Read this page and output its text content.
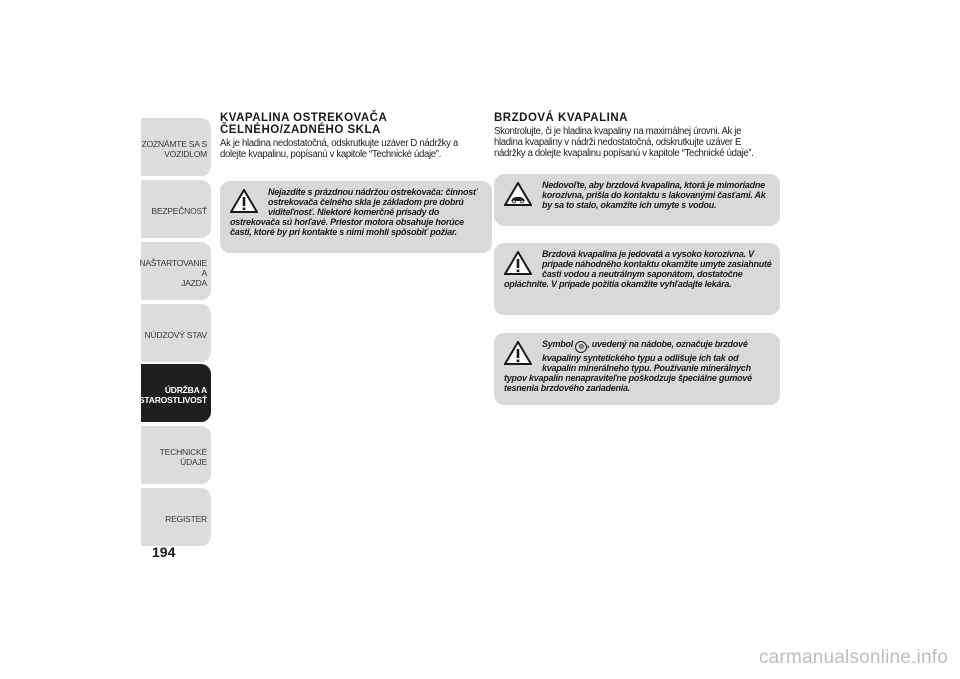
ZOZNÁMTE SA S
VOZIDLOM
BEZPEČNOSŤ
NAŠTARTOVANIE A
JAZDA
NÚDZOVÝ STAV
ÚDRŽBA A
STAROSTLIVOSŤ
TECHNICKÉ ÚDAJE
REGISTER
194
KVAPALINA OSTREKOVAČA
ČELNÉHO/ZADNÉHO SKLA

Ak je hladina nedostatočná, odskrutkujte uzáver D nádržky a dolejte kvapalinu, popísanú v kapitole “Technické údaje”.

Nejazdite s prázdnou nádržou ostrekovača: činnosť ostrekovača čelného skla je základom pre dobrú viditeľnosť. Niektoré komerčné prísady do ostrekovača sú horľavé. Priestor motora obsahuje horúce časti, ktoré by pri kontakte s nimi mohli spôsobiť požiar.
BRZDOVÁ KVAPALINA

Skontrolujte, či je hladina kvapaliny na maximálnej úrovni. Ak je hladina kvapaliny v nádrži nedostatočná, odskrutkujte uzáver E nádržky a dolejte kvapalinu popísanú v kapitole “Technické údaje”.

Nedovoľte, aby brzdová kvapalina, ktorá je mimoriadne korozívna, prišla do kontaktu s lakovanými časťami. Ak by sa to stalo, okamžite ich umyte s vodou.
Brzdová kvapalina je jedovatá a vysoko korozívna. V prípade náhodného kontaktu okamžite umyte zasiahnuté časti vodou a neutrálnym saponátom, dostatočne opláchnite. V prípade požitia okamžite vyhľadajte lekára.
Symbol ◎ , uvedený na nádobe, označuje brzdové kvapaliny syntetického typu a odlišuje ich tak od kvapalín minerálneho typu. Používanie minerálnych typov kvapalín nenapraviteľne poškodzuje špeciálne gumové tesnenia brzdového zariadenia.
carmanualsonline.info
